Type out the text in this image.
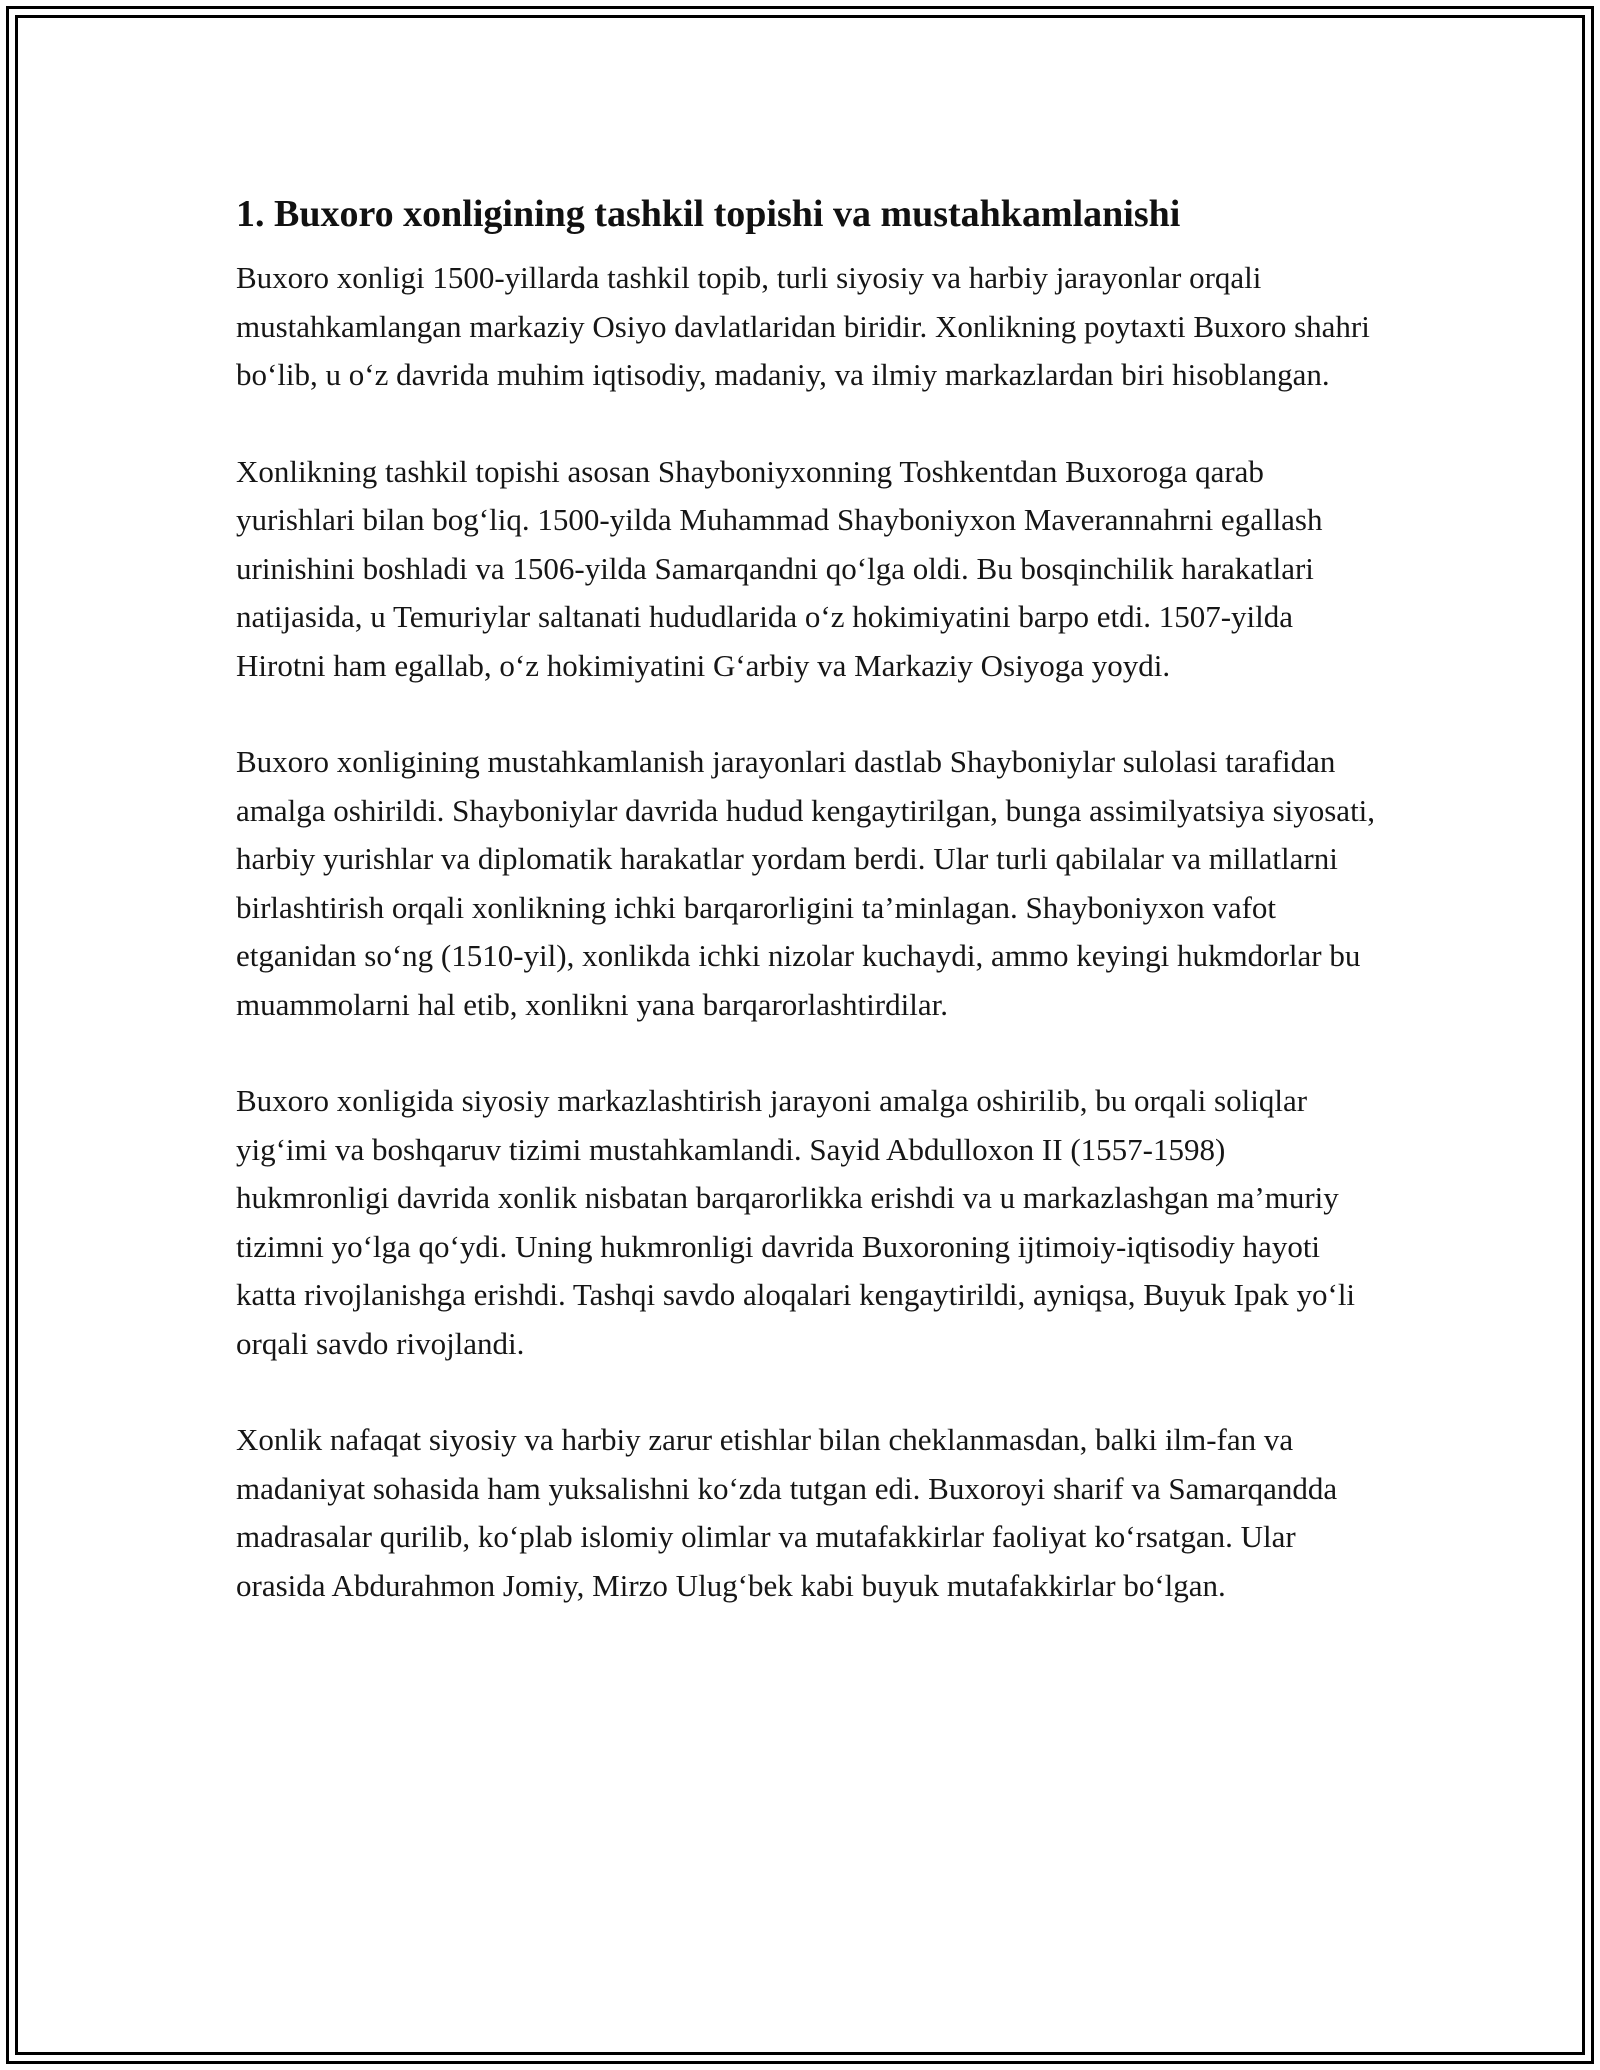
1. Buxoro xonligining tashkil topishi va mustahkamlanishi

Buxoro xonligi 1500-yillarda tashkil topib, turli siyosiy va harbiy jarayonlar orqali mustahkamlangan markaziy Osiyo davlatlaridan biridir. Xonlikning poytaxti Buxoro shahri bo‘lib, u o‘z davrida muhim iqtisodiy, madaniy, va ilmiy markazlardan biri hisoblangan.

Xonlikning tashkil topishi asosan Shayboniyxonning Toshkentdan Buxoroga qarab yurishlari bilan bog‘liq. 1500-yilda Muhammad Shayboniyxon Maverannahrni egallash urinishini boshladi va 1506-yilda Samarqandni qo‘lga oldi. Bu bosqinchilik harakatlari natijasida, u Temuriylar saltanati hududlarida o‘z hokimiyatini barpo etdi. 1507-yilda Hirotni ham egallab, o‘z hokimiyatini G‘arbiy va Markaziy Osiyoga yoydi.

Buxoro xonligining mustahkamlanish jarayonlari dastlab Shayboniylar sulolasi tarafidan amalga oshirildi. Shayboniylar davrida hudud kengaytirilgan, bunga assimilyatsiya siyosati, harbiy yurishlar va diplomatik harakatlar yordam berdi. Ular turli qabilalar va millatlarni birlashtirish orqali xonlikning ichki barqarorligini ta’minlagan. Shayboniyxon vafot etganidan so‘ng (1510-yil), xonlikda ichki nizolar kuchaydi, ammo keyingi hukmdorlar bu muammolarni hal etib, xonlikni yana barqarorlashtirdilar.

Buxoro xonligida siyosiy markazlashtirish jarayoni amalga oshirilib, bu orqali soliqlar yig‘imi va boshqaruv tizimi mustahkamlandi. Sayid Abdulloxon II (1557-1598) hukmronligi davrida xonlik nisbatan barqarorlikka erishdi va u markazlashgan ma’muriy tizimni yo‘lga qo‘ydi. Uning hukmronligi davrida Buxoroning ijtimoiy-iqtisodiy hayoti katta rivojlanishga erishdi. Tashqi savdo aloqalari kengaytirildi, ayniqsa, Buyuk Ipak yo‘li orqali savdo rivojlandi.

Xonlik nafaqat siyosiy va harbiy zarur etishlar bilan cheklanmasdan, balki ilm-fan va madaniyat sohasida ham yuksalishni ko‘zda tutgan edi. Buxoroyi sharif va Samarqandda madrasalar qurilib, ko‘plab islomiy olimlar va mutafakkirlar faoliyat ko‘rsatgan. Ular orasida Abdurahmon Jomiy, Mirzo Ulug‘bek kabi buyuk mutafakkirlar bo‘lgan.
